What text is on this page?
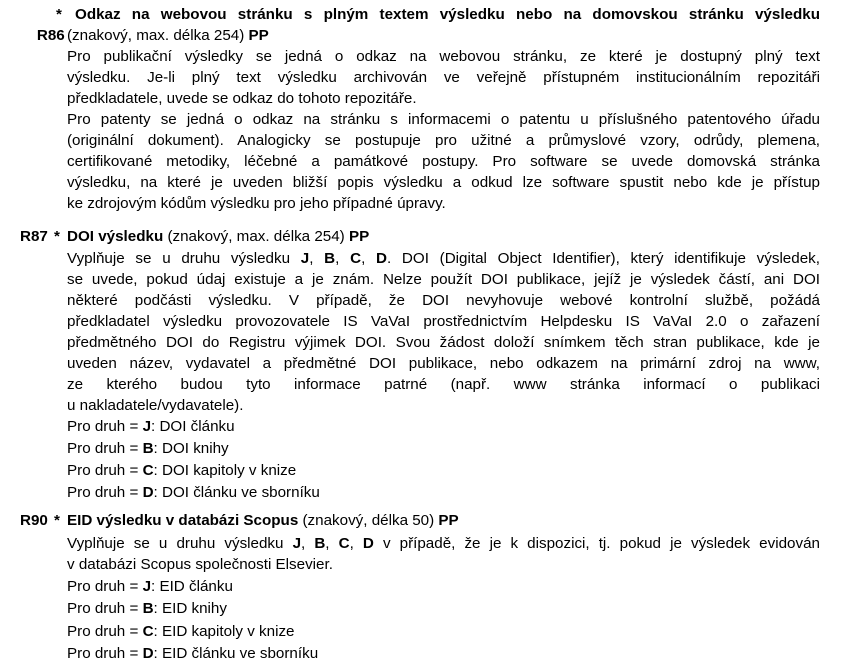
R86

* Odkaz na webovou stránku s plným textem výsledku nebo na domovskou stránku výsledku
(znakový, max. délka 254) PP
Pro publikační výsledky se jedná o odkaz na webovou stránku, ze které je dostupný plný text
výsledku. Je-li plný text výsledku archivován ve veřejně přístupném institucionálním repozitáři
předkladatele, uvede se odkaz do tohoto repozitáře.
Pro patenty se jedná o odkaz na stránku s informacemi o patentu u příslušného patentového úřadu
(originální dokument). Analogicky se postupuje pro užitné a průmyslové vzory, odrůdy, plemena,
certifikované metodiky, léčebné a památkové postupy. Pro software se uvede domovská stránka
výsledku, na které je uveden bližší popis výsledku a odkud lze software spustit nebo kde je přístup
ke zdrojovým kódům výsledku pro jeho případné úpravy.
R87 * DOI výsledku (znakový, max. délka 254) PP
Vyplňuje se u druhu výsledku J, B, C, D. DOI (Digital Object Identifier), který identifikuje výsledek,
se uvede, pokud údaj existuje a je znám. Nelze použít DOI publikace, jejíž je výsledek částí, ani DOI
některé podčásti výsledku. V případě, že DOI nevyhovuje webové kontrolní službě, požádá
předkladatel výsledku provozovatele IS VaVaI prostřednictvím Helpdesku IS VaVaI 2.0 o zařazení
předmětného DOI do Registru výjimek DOI. Svou žádost doloží snímkem těch stran publikace, kde je
uveden název, vydavatel a předmětné DOI publikace, nebo odkazem na primární zdroj na www,
ze kterého budou tyto informace patrné (např. www stránka informací o publikaci
u nakladatele/vydavatele).
Pro druh = J: DOI článku
Pro druh = B: DOI knihy
Pro druh = C: DOI kapitoly v knize
Pro druh = D: DOI článku ve sborníku
R90 * EID výsledku v databázi Scopus (znakový, délka 50) PP
Vyplňuje se u druhu výsledku J, B, C, D v případě, že je k dispozici, tj. pokud je výsledek evidován
v databázi Scopus společnosti Elsevier.
Pro druh = J: EID článku
Pro druh = B: EID knihy
Pro druh = C: EID kapitoly v knize
Pro druh = D: EID článku ve sborníku
